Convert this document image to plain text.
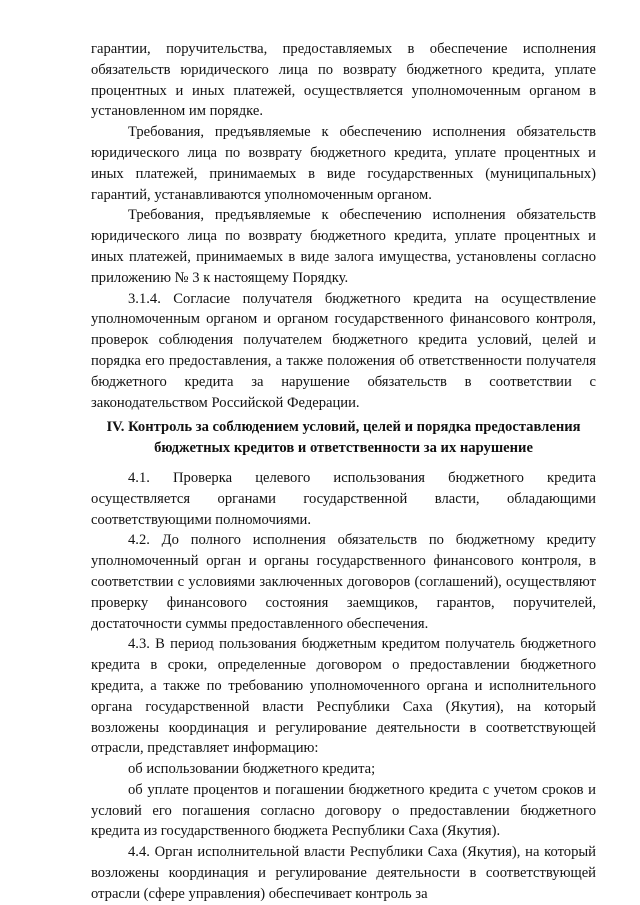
гарантии, поручительства, предоставляемых в обеспечение исполнения обязательств юридического лица по возврату бюджетного кредита, уплате процентных и иных платежей, осуществляется уполномоченным органом в установленном им порядке.

Требования, предъявляемые к обеспечению исполнения обязательств юридического лица по возврату бюджетного кредита, уплате процентных и иных платежей, принимаемых в виде государственных (муниципальных) гарантий, устанавливаются уполномоченным органом.

Требования, предъявляемые к обеспечению исполнения обязательств юридического лица по возврату бюджетного кредита, уплате процентных и иных платежей, принимаемых в виде залога имущества, установлены согласно приложению № 3 к настоящему Порядку.

3.1.4. Согласие получателя бюджетного кредита на осуществление уполномоченным органом и органом государственного финансового контроля, проверок соблюдения получателем бюджетного кредита условий, целей и порядка его предоставления, а также положения об ответственности получателя бюджетного кредита за нарушение обязательств в соответствии с законодательством Российской Федерации.

IV. Контроль за соблюдением условий, целей и порядка предоставления
бюджетных кредитов и ответственности за их нарушение

4.1. Проверка целевого использования бюджетного кредита осуществляется органами государственной власти, обладающими соответствующими полномочиями.

4.2. До полного исполнения обязательств по бюджетному кредиту уполномоченный орган и органы государственного финансового контроля, в соответствии с условиями заключенных договоров (соглашений), осуществляют проверку финансового состояния заемщиков, гарантов, поручителей, достаточности суммы предоставленного обеспечения.

4.3. В период пользования бюджетным кредитом получатель бюджетного кредита в сроки, определенные договором о предоставлении бюджетного кредита, а также по требованию уполномоченного органа и исполнительного органа государственной власти Республики Саха (Якутия), на который возложены координация и регулирование деятельности в соответствующей отрасли, представляет информацию:

об использовании бюджетного кредита;

об уплате процентов и погашении бюджетного кредита с учетом сроков и условий его погашения согласно договору о предоставлении бюджетного кредита из государственного бюджета Республики Саха (Якутия).

4.4. Орган исполнительной власти Республики Саха (Якутия), на который возложены координация и регулирование деятельности в соответствующей отрасли (сфере управления) обеспечивает контроль за
